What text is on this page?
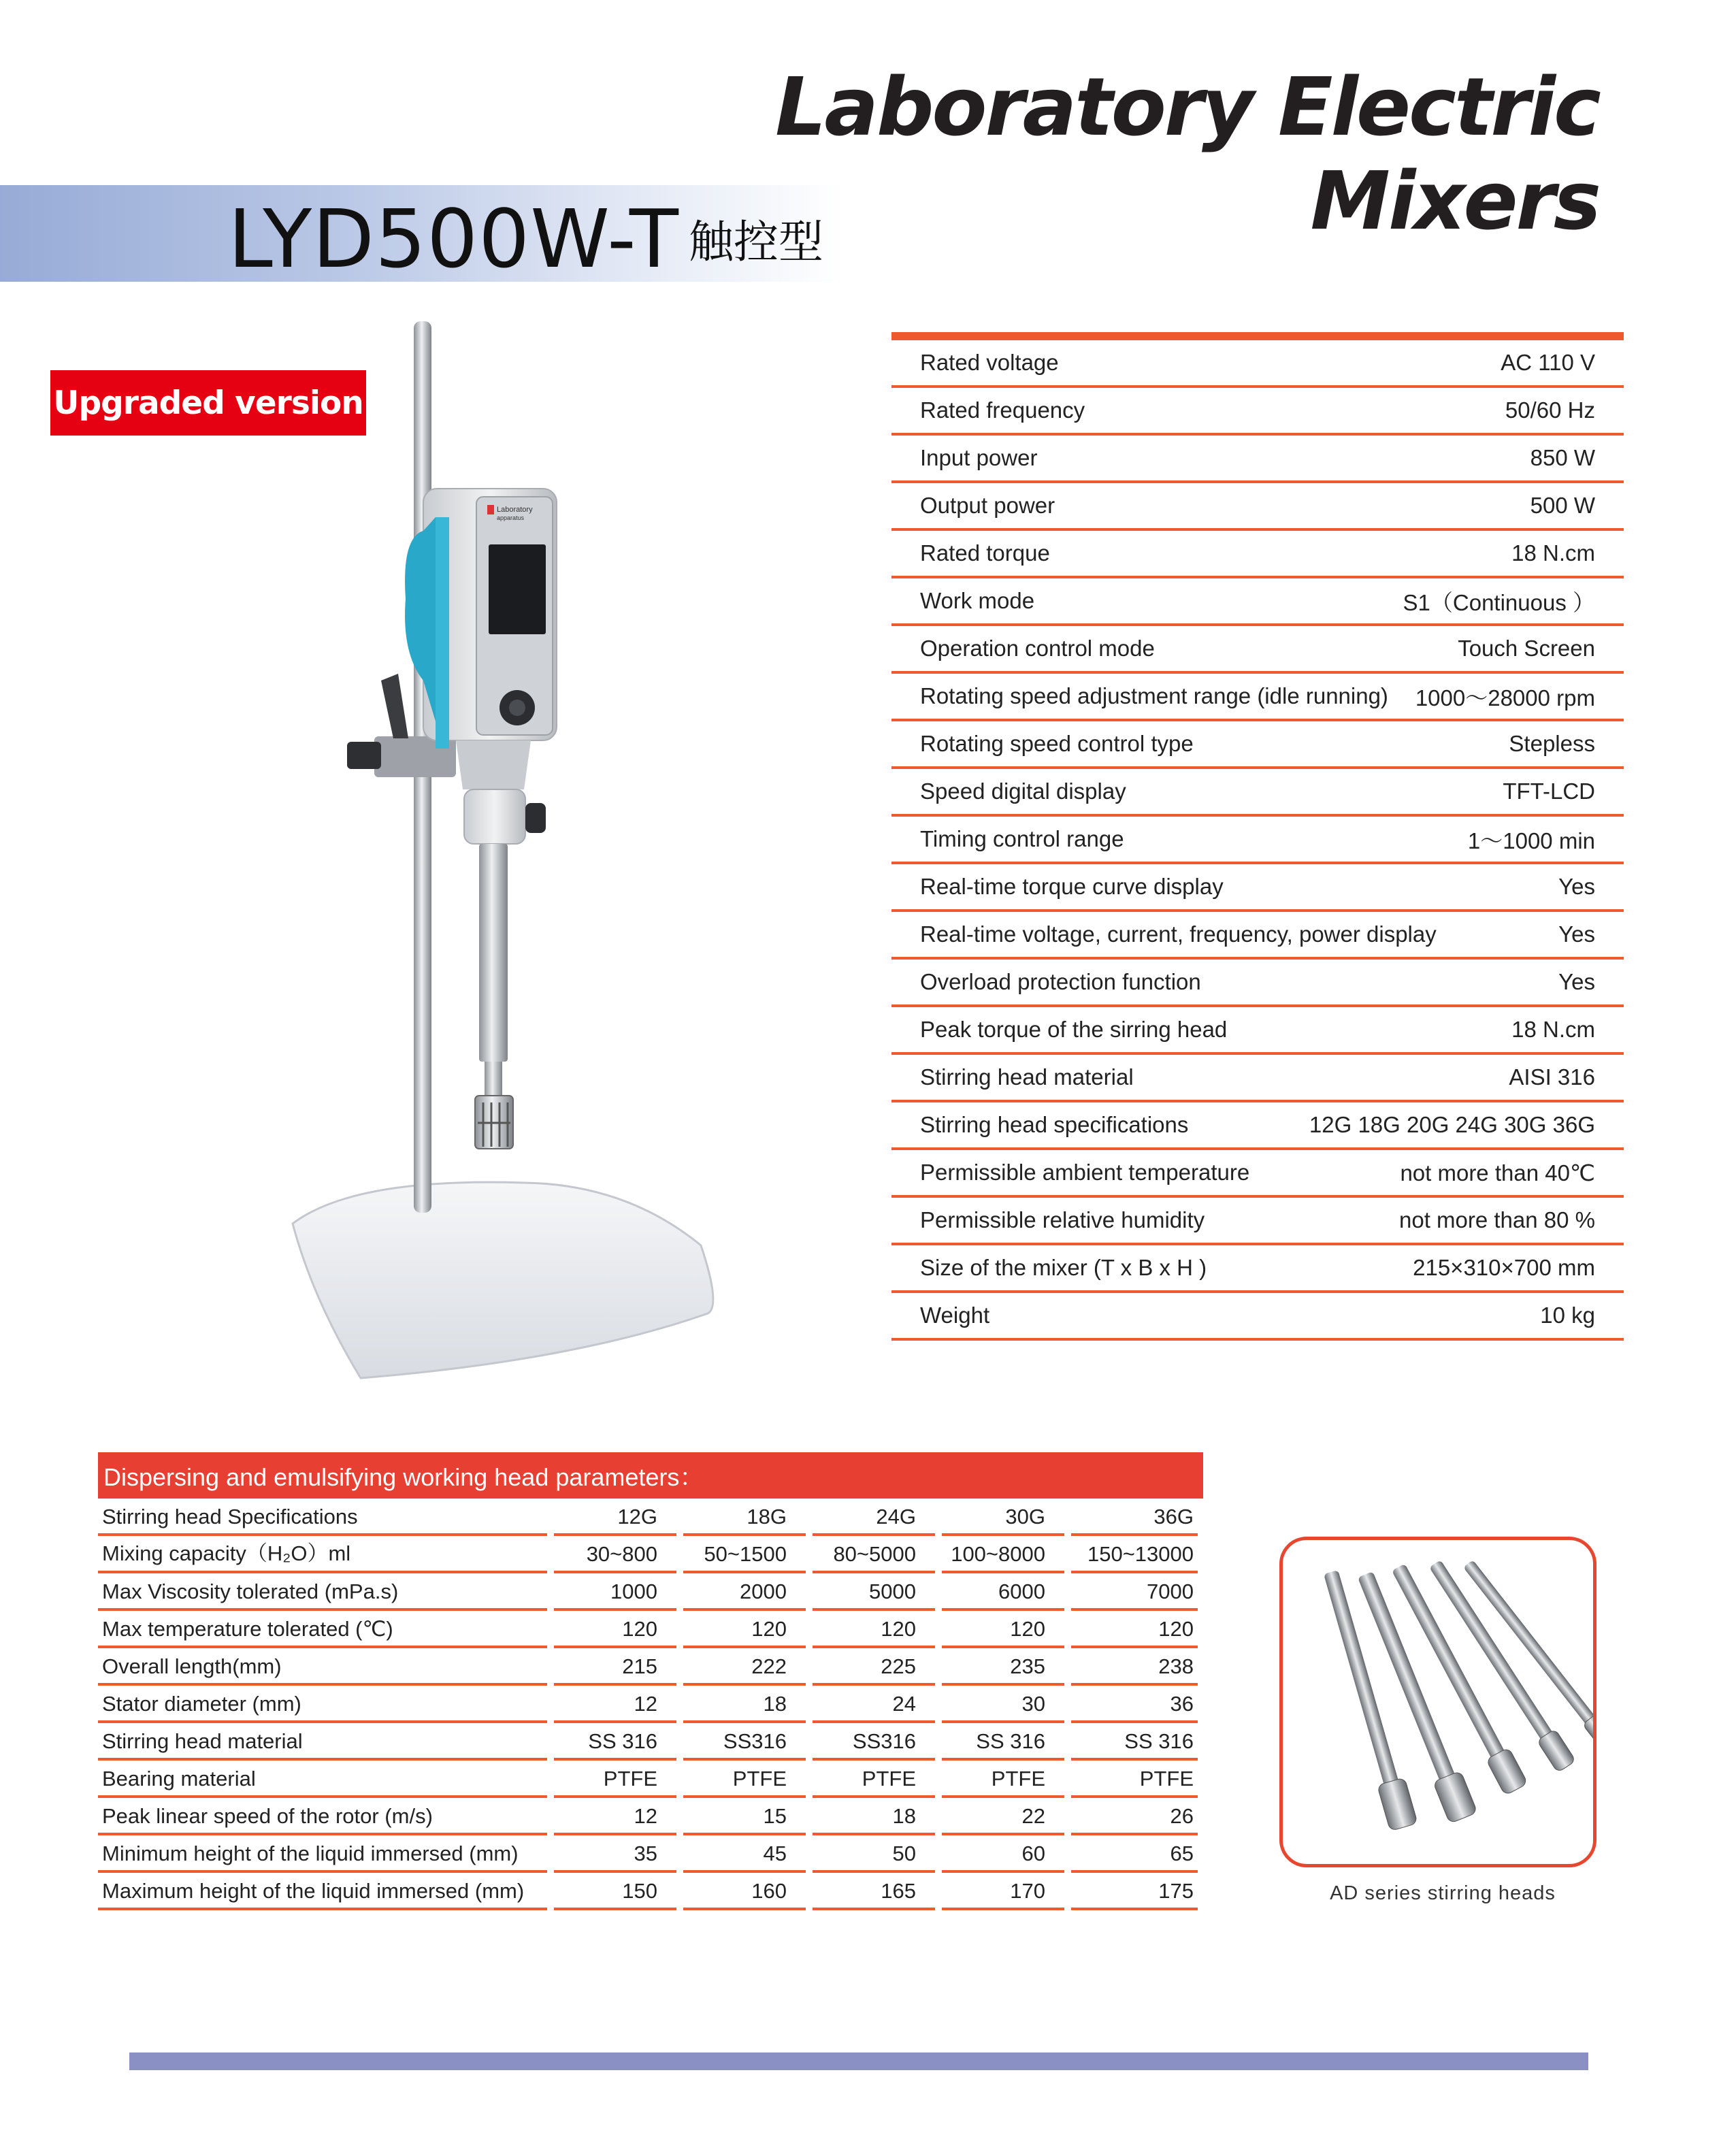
Laboratory Electric Mixers
LYD500W-T 触控型
Upgraded version
Laboratory
apparatus
Rated voltage	AC 110 V
Rated frequency	50/60 Hz
Input power	850 W
Output power	500 W
Rated torque	18 N.cm
Work mode	S1（Continuous ）
Operation control mode	Touch Screen
Rotating speed adjustment range (idle running) 1000～28000 rpm
Rotating speed control type	Stepless
Speed digital display	TFT-LCD
Timing control range	1～1000 min
Real-time torque curve display	Yes
Real-time voltage, current, frequency, power display	Yes
Overload protection function	Yes
Peak torque of the sirring head	18 N.cm
Stirring head material	AISI 316
Stirring head specifications	12G 18G 20G 24G 30G 36G
Permissible ambient temperature	not more than 40℃
Permissible relative humidity	not more than 80 %
Size of the mixer (T x B x H )	215×310×700 mm
Weight	10 kg
Dispersing and emulsifying working head parameters：
Stirring head Specifications	12G	18G	24G	30G	36G
Mixing capacity（H₂O）ml	30~800	50~1500	80~5000	100~8000	150~13000
Max Viscosity tolerated (mPa.s)	1000	2000	5000	6000	7000
Max temperature tolerated (℃)	120	120	120	120	120
Overall length(mm)	215	222	225	235	238
Stator diameter (mm)	12	18	24	30	36
Stirring head material	SS 316	SS316	SS316	SS 316	SS 316
Bearing material	PTFE	PTFE	PTFE	PTFE	PTFE
Peak linear speed of the rotor (m/s)	12	15	18	22	26
Minimum height of the liquid immersed (mm)	35	45	50	60	65
Maximum height of the liquid immersed (mm)	150	160	165	170	175	AD series stirring heads
